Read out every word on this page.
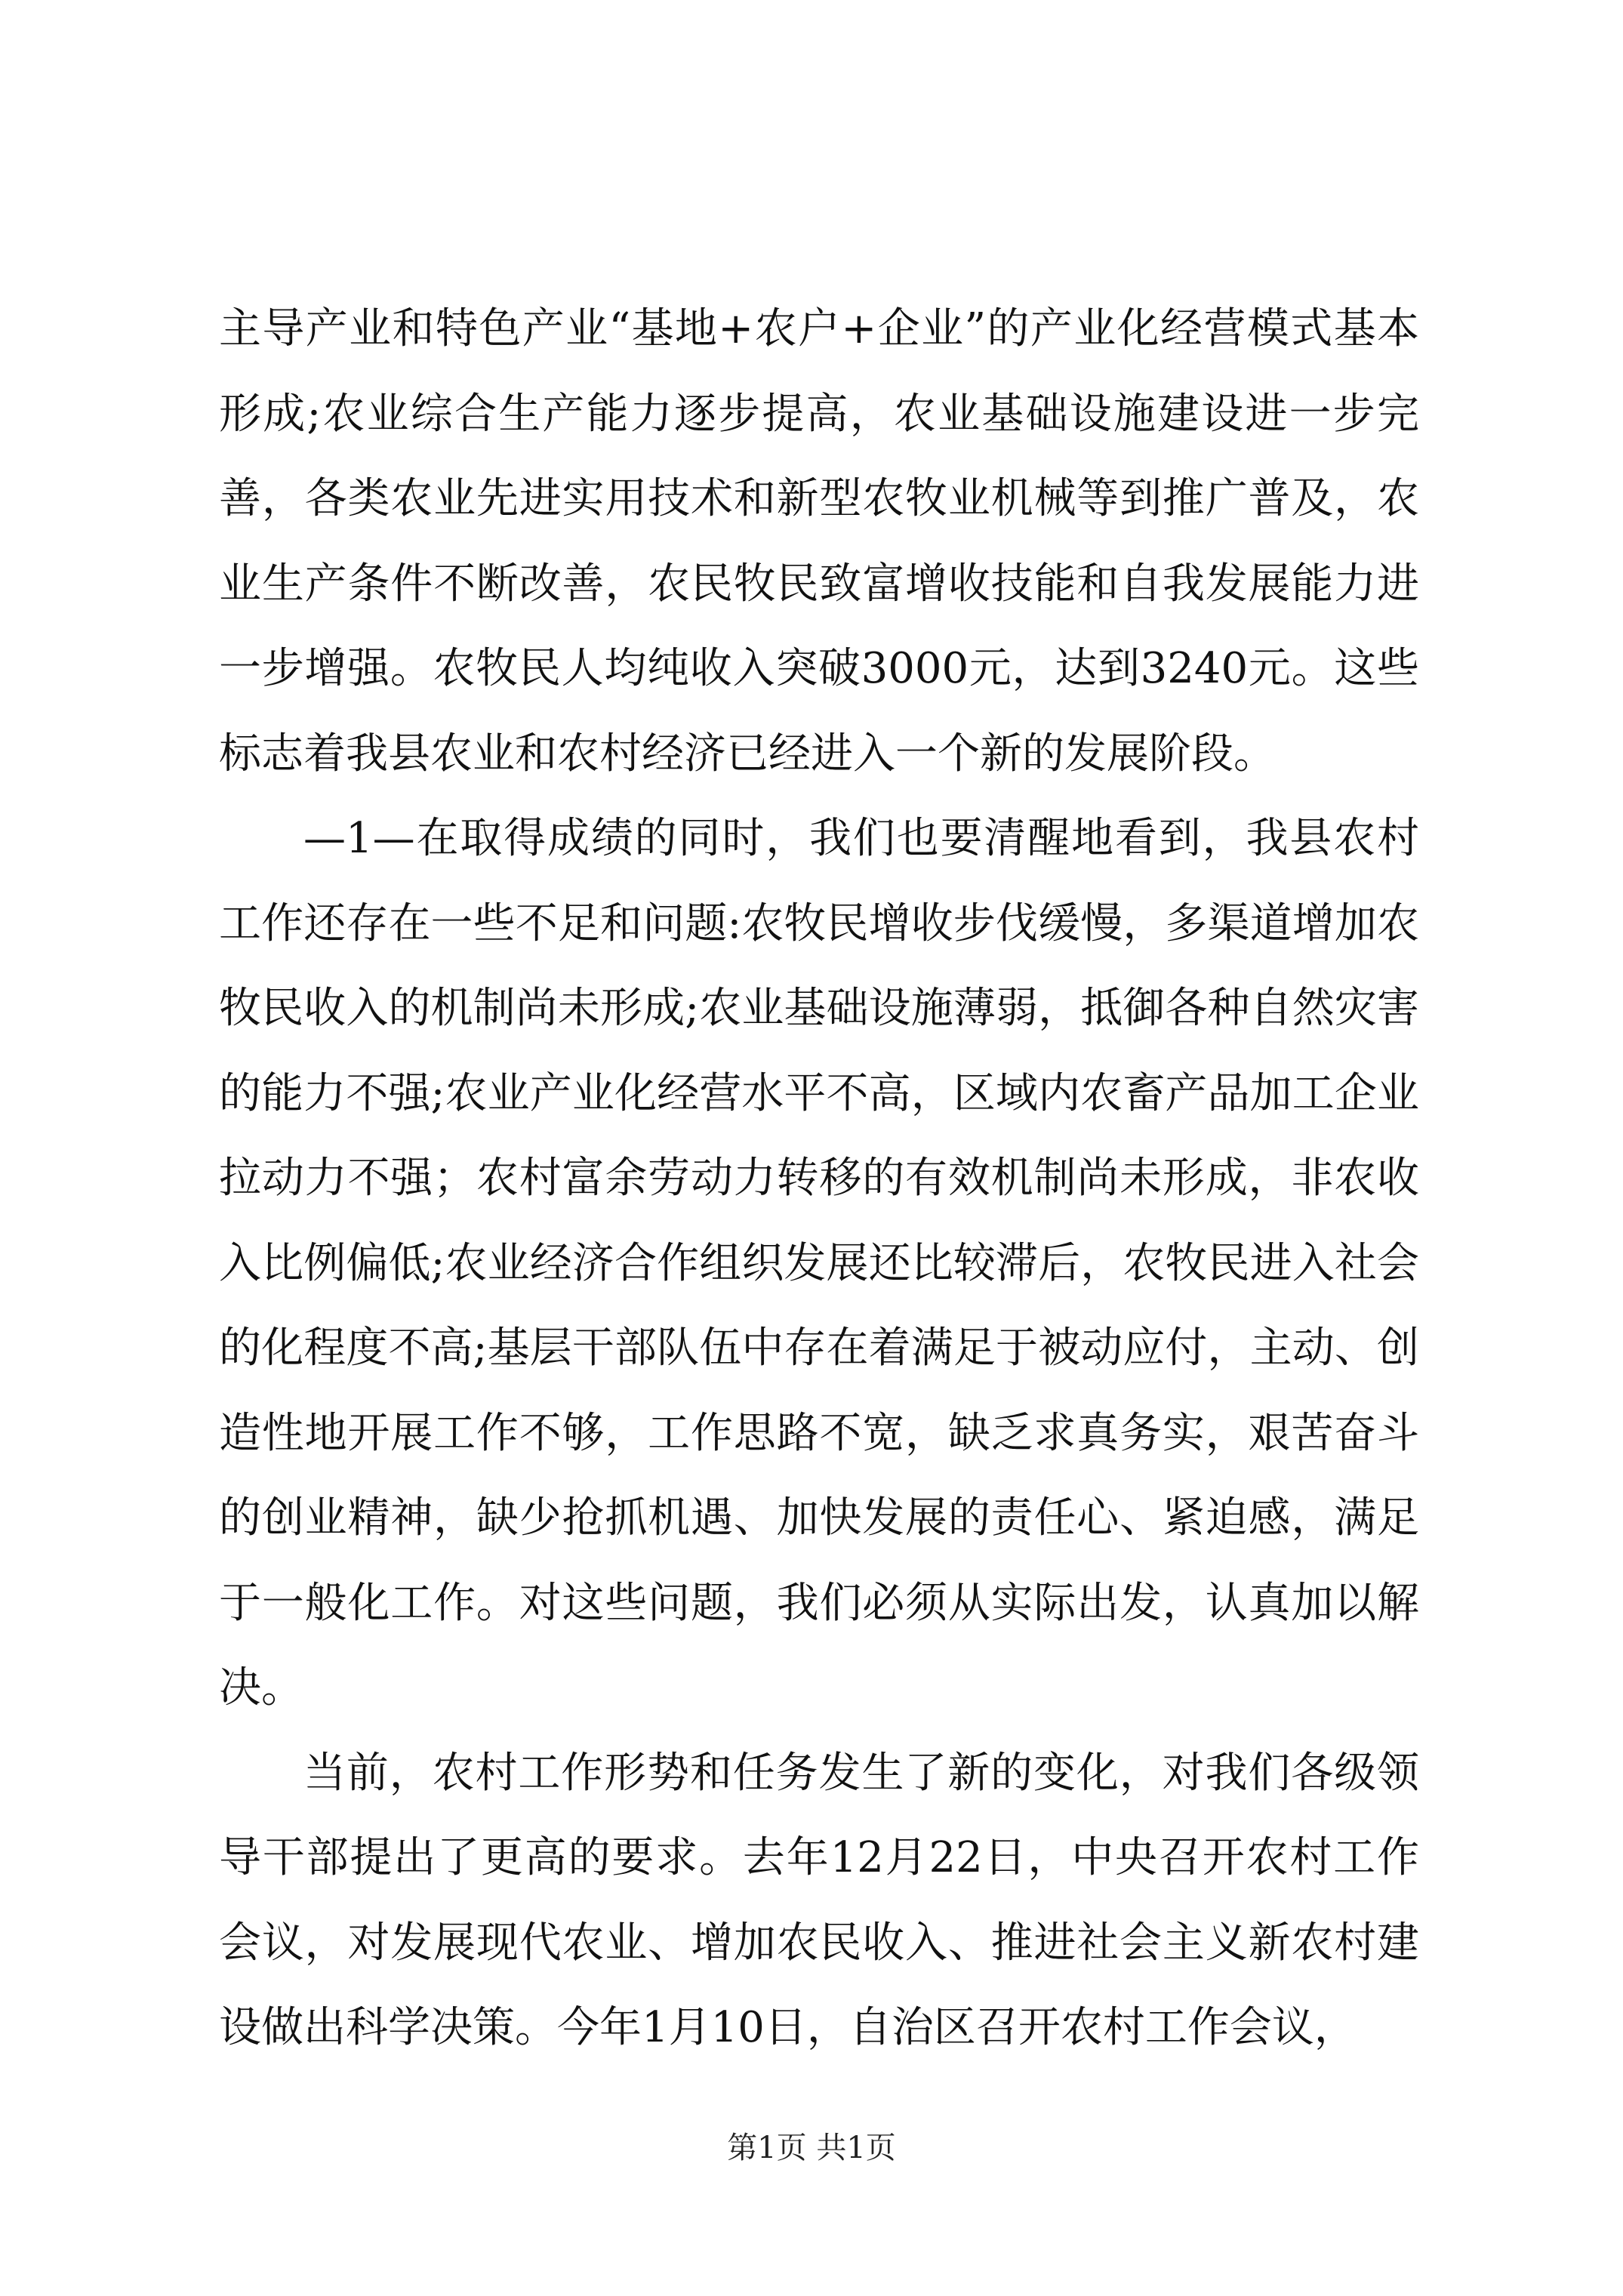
主导产业和特色产业“基地+农户+企业”的产业化经营模式基本形成;农业综合生产能力逐步提高，农业基础设施建设进一步完善，各类农业先进实用技术和新型农牧业机械等到推广普及，农业生产条件不断改善，农民牧民致富增收技能和自我发展能力进一步增强。农牧民人均纯收入突破3000元，达到3240元。这些标志着我县农业和农村经济已经进入一个新的发展阶段。

—1—在取得成绩的同时，我们也要清醒地看到，我县农村工作还存在一些不足和问题:农牧民增收步伐缓慢，多渠道增加农牧民收入的机制尚未形成;农业基础设施薄弱，抵御各种自然灾害的能力不强;农业产业化经营水平不高，区域内农畜产品加工企业拉动力不强；农村富余劳动力转移的有效机制尚未形成，非农收入比例偏低;农业经济合作组织发展还比较滞后，农牧民进入社会的化程度不高;基层干部队伍中存在着满足于被动应付，主动、创造性地开展工作不够，工作思路不宽，缺乏求真务实，艰苦奋斗的创业精神，缺少抢抓机遇、加快发展的责任心、紧迫感，满足于一般化工作。对这些问题，我们必须从实际出发，认真加以解决。

当前，农村工作形势和任务发生了新的变化，对我们各级领导干部提出了更高的要求。去年12月22日，中央召开农村工作会议，对发展现代农业、增加农民收入、推进社会主义新农村建设做出科学决策。今年1月10日，自治区召开农村工作会议，

第1页 共1页
